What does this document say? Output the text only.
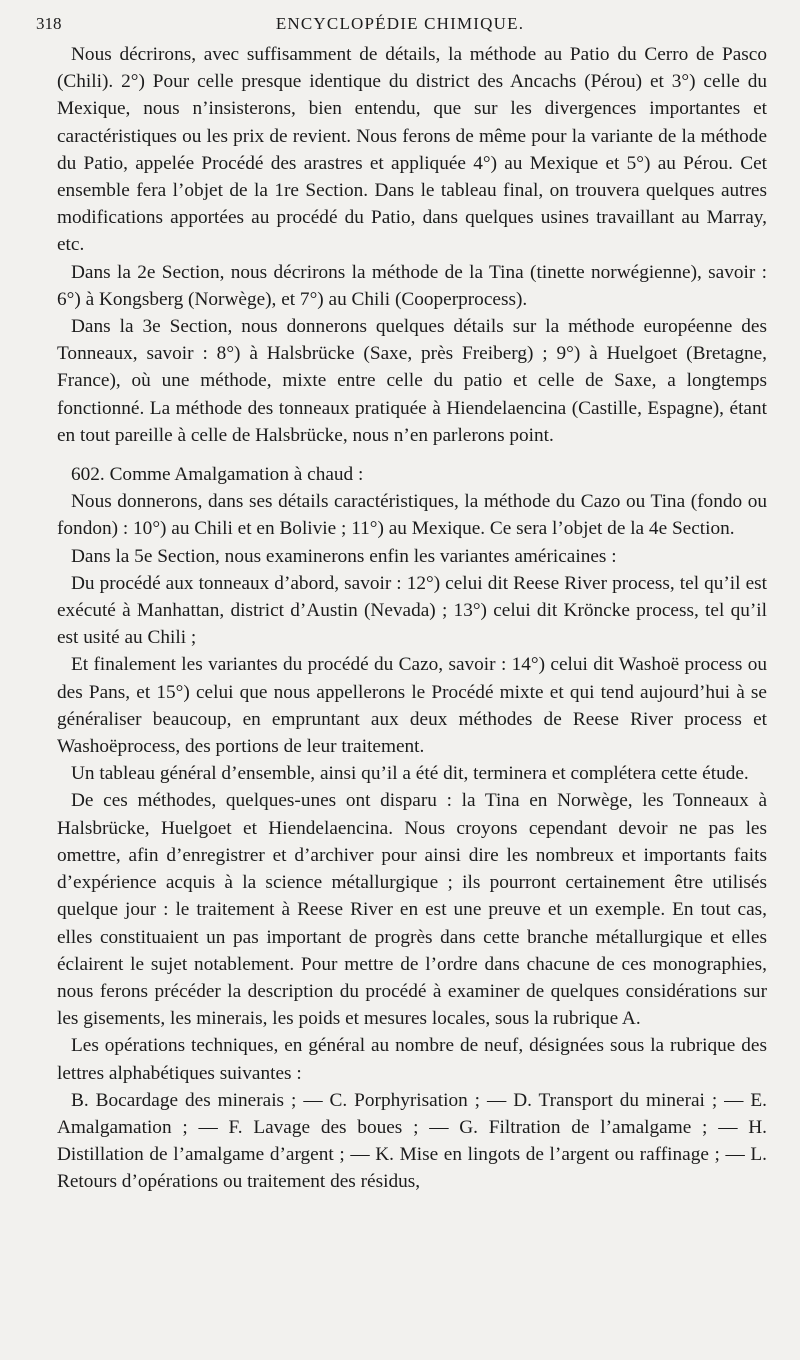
318	ENCYCLOPÉDIE CHIMIQUE.

Nous décrirons, avec suffisamment de détails, la méthode au Patio du Cerro de Pasco (Chili). 2°) Pour celle presque identique du district des Ancachs (Pérou) et 3°) celle du Mexique, nous n’insisterons, bien entendu, que sur les divergences importantes et caractéristiques ou les prix de revient. Nous ferons de même pour la variante de la méthode du Patio, appelée Procédé des arastres et appliquée 4°) au Mexique et 5°) au Pérou. Cet ensemble fera l’objet de la 1re Section. Dans le tableau final, on trouvera quelques autres modifications apportées au procédé du Patio, dans quelques usines travaillant au Marray, etc.

Dans la 2e Section, nous décrirons la méthode de la Tina (tinette norwégienne), savoir : 6°) à Kongsberg (Norwège), et 7°) au Chili (Cooperprocess).

Dans la 3e Section, nous donnerons quelques détails sur la méthode européenne des Tonneaux, savoir : 8°) à Halsbrücke (Saxe, près Freiberg) ; 9°) à Huelgoet (Bretagne, France), où une méthode, mixte entre celle du patio et celle de Saxe, a longtemps fonctionné. La méthode des tonneaux pratiquée à Hiendelaencina (Castille, Espagne), étant en tout pareille à celle de Halsbrücke, nous n’en parlerons point.

602. Comme Amalgamation à chaud :

Nous donnerons, dans ses détails caractéristiques, la méthode du Cazo ou Tina (fondo ou fondon) : 10°) au Chili et en Bolivie ; 11°) au Mexique. Ce sera l’objet de la 4e Section.

Dans la 5e Section, nous examinerons enfin les variantes américaines :

Du procédé aux tonneaux d’abord, savoir : 12°) celui dit Reese River process, tel qu’il est exécuté à Manhattan, district d’Austin (Nevada) ; 13°) celui dit Kröncke process, tel qu’il est usité au Chili ;

Et finalement les variantes du procédé du Cazo, savoir : 14°) celui dit Washoë process ou des Pans, et 15°) celui que nous appellerons le Procédé mixte et qui tend aujourd’hui à se généraliser beaucoup, en empruntant aux deux méthodes de Reese River process et Washoëprocess, des portions de leur traitement.

Un tableau général d’ensemble, ainsi qu’il a été dit, terminera et complétera cette étude.

De ces méthodes, quelques-unes ont disparu : la Tina en Norwège, les Tonneaux à Halsbrücke, Huelgoet et Hiendelaencina. Nous croyons cependant devoir ne pas les omettre, afin d’enregistrer et d’archiver pour ainsi dire les nombreux et importants faits d’expérience acquis à la science métallurgique ; ils pourront certainement être utilisés quelque jour : le traitement à Reese River en est une preuve et un exemple. En tout cas, elles constituaient un pas important de progrès dans cette branche métallurgique et elles éclairent le sujet notablement. Pour mettre de l’ordre dans chacune de ces monographies, nous ferons précéder la description du procédé à examiner de quelques considérations sur les gisements, les minerais, les poids et mesures locales, sous la rubrique A.

Les opérations techniques, en général au nombre de neuf, désignées sous la rubrique des lettres alphabétiques suivantes :

B. Bocardage des minerais ; — C. Porphyrisation ; — D. Transport du minerai ; — E. Amalgamation ; — F. Lavage des boues ; — G. Filtration de l’amalgame ; — H. Distillation de l’amalgame d’argent ; — K. Mise en lingots de l’argent ou raffinage ; — L. Retours d’opérations ou traitement des résidus,
